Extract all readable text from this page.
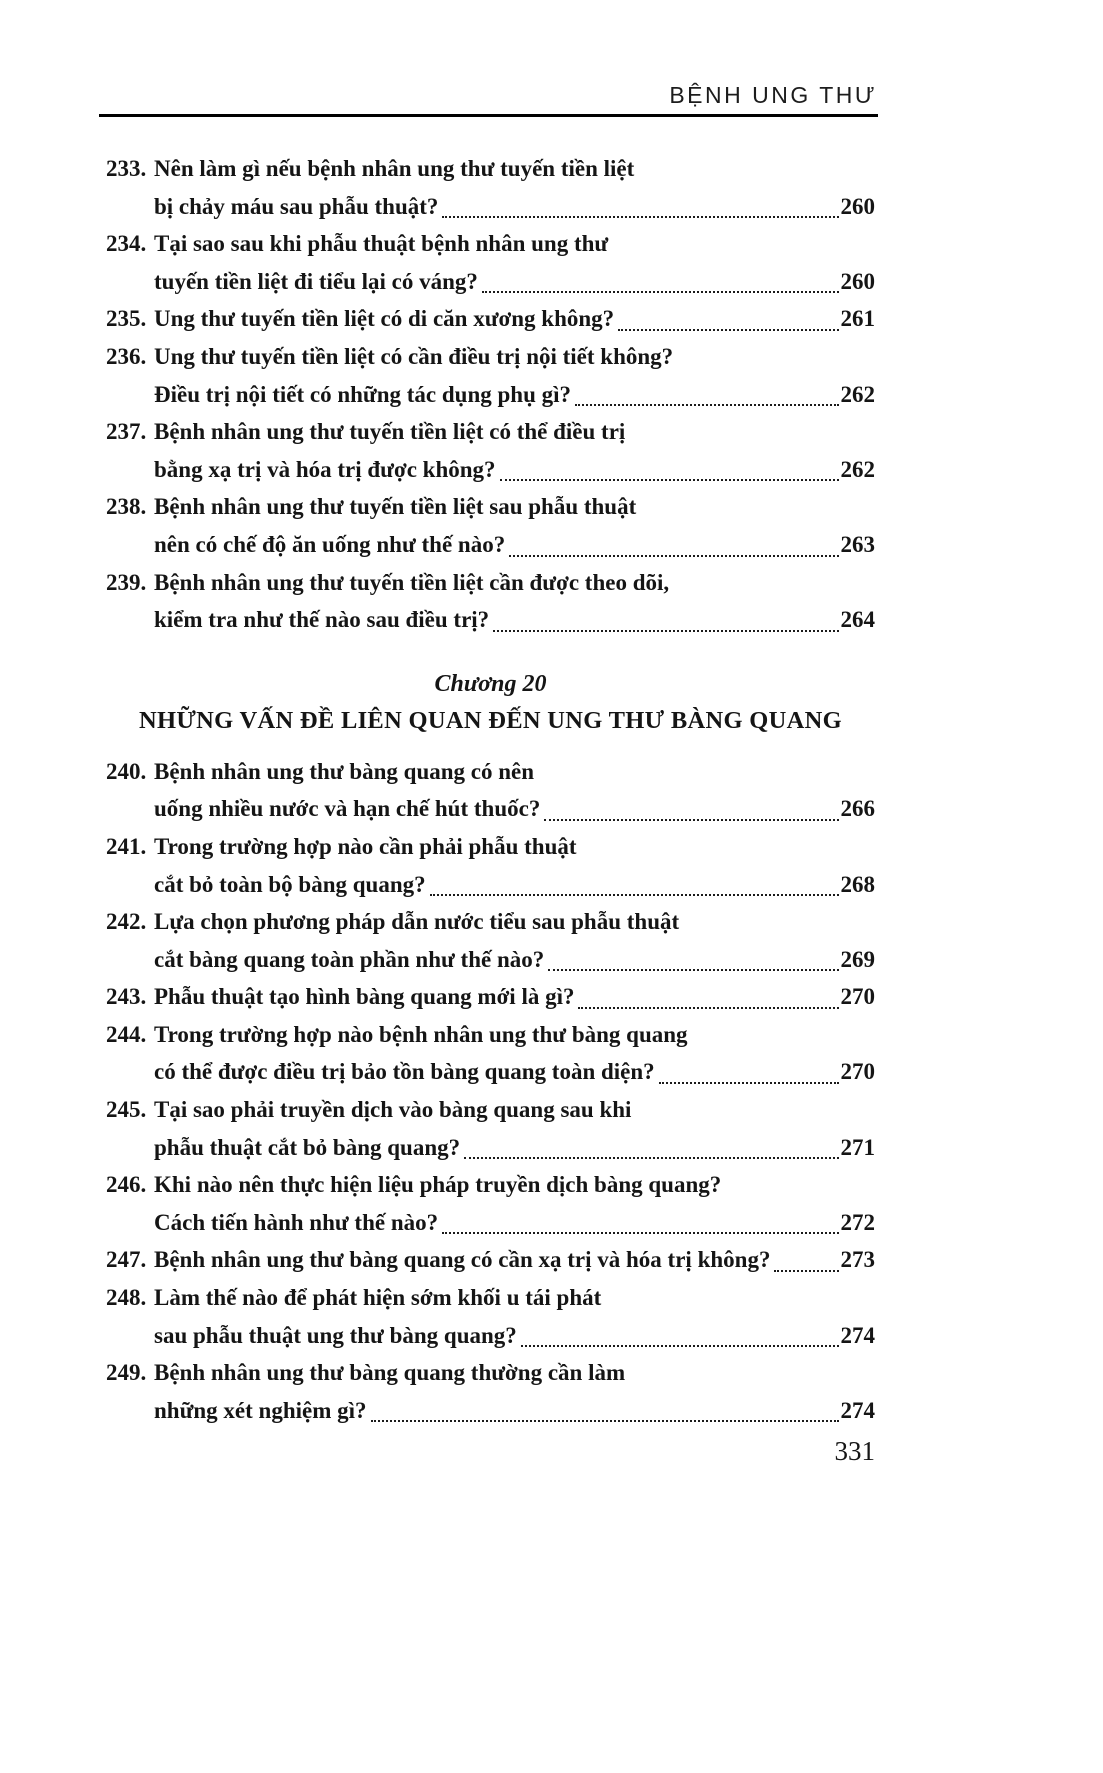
BỆNH UNG THƯ
233. Nên làm gì nếu bệnh nhân ung thư tuyến tiền liệt
bị chảy máu sau phẫu thuật?	260
234. Tại sao sau khi phẫu thuật bệnh nhân ung thư
tuyến tiền liệt đi tiểu lại có váng?	260
235. Ung thư tuyến tiền liệt có di căn xương không?	261
236. Ung thư tuyến tiền liệt có cần điều trị nội tiết không?
Điều trị nội tiết có những tác dụng phụ gì?	262
237. Bệnh nhân ung thư tuyến tiền liệt có thể điều trị
bằng xạ trị và hóa trị được không?	262
238. Bệnh nhân ung thư tuyến tiền liệt sau phẫu thuật
nên có chế độ ăn uống như thế nào?	263
239. Bệnh nhân ung thư tuyến tiền liệt cần được theo dõi,
kiểm tra như thế nào sau điều trị?	264
Chương 20
NHỮNG VẤN ĐỀ LIÊN QUAN ĐẾN UNG THƯ BÀNG QUANG
240. Bệnh nhân ung thư bàng quang có nên
uống nhiều nước và hạn chế hút thuốc?	266
241. Trong trường hợp nào cần phải phẫu thuật
cắt bỏ toàn bộ bàng quang?	268
242. Lựa chọn phương pháp dẫn nước tiểu sau phẫu thuật
cắt bàng quang toàn phần như thế nào?	269
243. Phẫu thuật tạo hình bàng quang mới là gì?	270
244. Trong trường hợp nào bệnh nhân ung thư bàng quang
có thể được điều trị bảo tồn bàng quang toàn diện?	270
245. Tại sao phải truyền dịch vào bàng quang sau khi
phẫu thuật cắt bỏ bàng quang?	271
246. Khi nào nên thực hiện liệu pháp truyền dịch bàng quang?
Cách tiến hành như thế nào?	272
247. Bệnh nhân ung thư bàng quang có cần xạ trị và hóa trị không?	273
248. Làm thế nào để phát hiện sớm khối u tái phát
sau phẫu thuật ung thư bàng quang?	274
249. Bệnh nhân ung thư bàng quang thường cần làm
những xét nghiệm gì?	274
331
